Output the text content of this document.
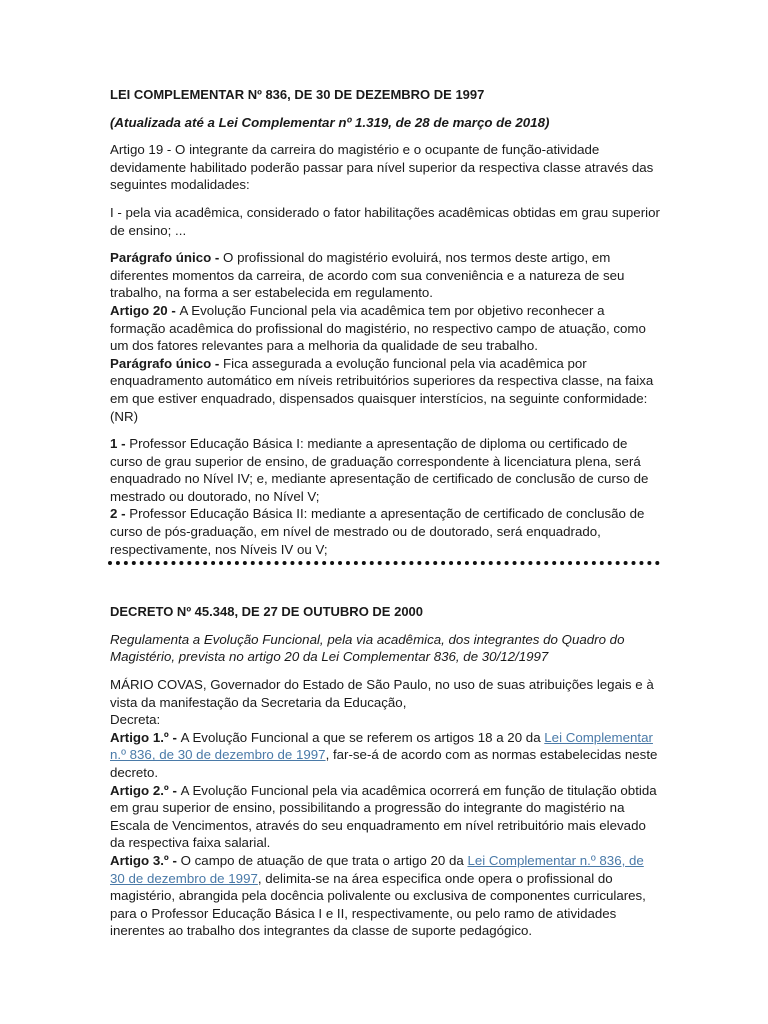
LEI COMPLEMENTAR Nº 836, DE 30 DE DEZEMBRO DE 1997

(Atualizada até a Lei Complementar nº 1.319, de 28 de março de 2018)

Artigo 19 - O integrante da carreira do magistério e o ocupante de função-atividade devidamente habilitado poderão passar para nível superior da respectiva classe através das seguintes modalidades:

I - pela via acadêmica, considerado o fator habilitações acadêmicas obtidas em grau superior de ensino; ...

Parágrafo único - O profissional do magistério evoluirá, nos termos deste artigo, em diferentes momentos da carreira, de acordo com sua conveniência e a natureza de seu trabalho, na forma a ser estabelecida em regulamento.

Artigo 20 - A Evolução Funcional pela via acadêmica tem por objetivo reconhecer a formação acadêmica do profissional do magistério, no respectivo campo de atuação, como um dos fatores relevantes para a melhoria da qualidade de seu trabalho.

Parágrafo único - Fica assegurada a evolução funcional pela via acadêmica por enquadramento automático em níveis retribuitórios superiores da respectiva classe, na faixa em que estiver enquadrado, dispensados quaisquer interstícios, na seguinte conformidade: (NR)

1 - Professor Educação Básica I: mediante a apresentação de diploma ou certificado de curso de grau superior de ensino, de graduação correspondente à licenciatura plena, será enquadrado no Nível IV; e, mediante apresentação de certificado de conclusão de curso de mestrado ou doutorado, no Nível V;

2 - Professor Educação Básica II: mediante a apresentação de certificado de conclusão de curso de pós-graduação, em nível de mestrado ou de doutorado, será enquadrado, respectivamente, nos Níveis IV ou V;

DECRETO Nº 45.348, DE 27 DE OUTUBRO DE 2000

Regulamenta a Evolução Funcional, pela via acadêmica, dos integrantes do Quadro do Magistério, prevista no artigo 20 da Lei Complementar 836, de 30/12/1997

MÁRIO COVAS, Governador do Estado de São Paulo, no uso de suas atribuições legais e à vista da manifestação da Secretaria da Educação,

Decreta:

Artigo 1.º - A Evolução Funcional a que se referem os artigos 18 a 20 da Lei Complementar n.º 836, de 30 de dezembro de 1997, far-se-á de acordo com as normas estabelecidas neste decreto.

Artigo 2.º - A Evolução Funcional pela via acadêmica ocorrerá em função de titulação obtida em grau superior de ensino, possibilitando a progressão do integrante do magistério na Escala de Vencimentos, através do seu enquadramento em nível retribuitório mais elevado da respectiva faixa salarial.

Artigo 3.º - O campo de atuação de que trata o artigo 20 da Lei Complementar n.º 836, de 30 de dezembro de 1997, delimita-se na área especifica onde opera o profissional do magistério, abrangida pela docência polivalente ou exclusiva de componentes curriculares, para o Professor Educação Básica I e II, respectivamente, ou pelo ramo de atividades inerentes ao trabalho dos integrantes da classe de suporte pedagógico.
